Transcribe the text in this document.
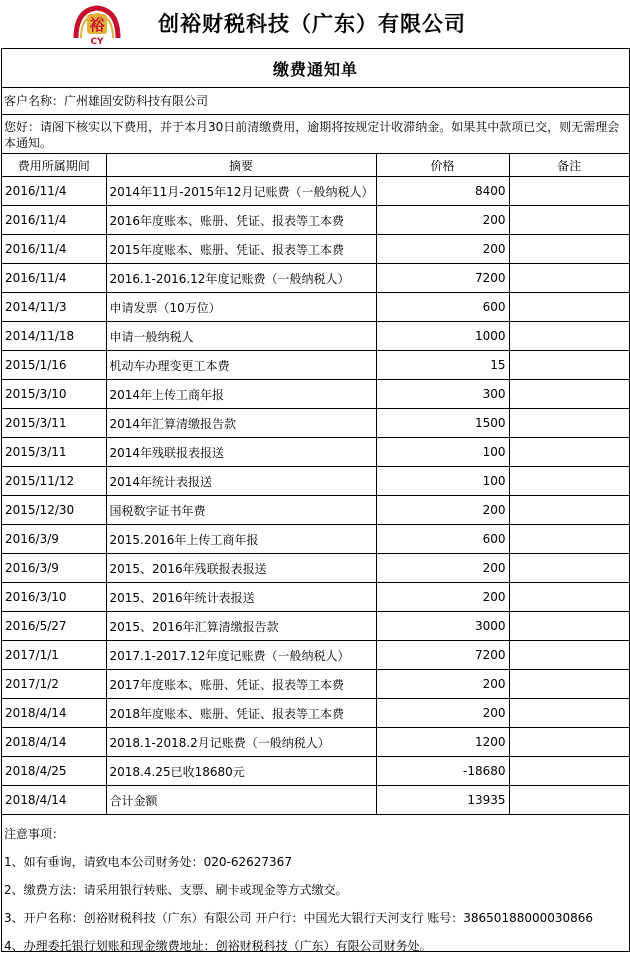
裕
CY
创裕财税科技（广东）有限公司
缴费通知单
客户名称：广州雄固安防科技有限公司
您好：请阁下核实以下费用，并于本月30日前清缴费用，逾期将按规定计收滞纳金。如果其中款项已交，则无需理会本通知。
费用所属期间	摘要	价格	备注
2016/11/4	2014年11月-2015年12月记账费（一般纳税人）	8400	
2016/11/4	2016年度账本、账册、凭证、报表等工本费	200	
2016/11/4	2015年度账本、账册、凭证、报表等工本费	200	
2016/11/4	2016.1-2016.12年度记账费（一般纳税人）	7200	
2014/11/3	申请发票（10万位）	600	
2014/11/18	申请一般纳税人	1000	
2015/1/16	机动车办理变更工本费	15	
2015/3/10	2014年上传工商年报	300	
2015/3/11	2014年汇算清缴报告款	1500	
2015/3/11	2014年残联报表报送	100	
2015/11/12	2014年统计表报送	100	
2015/12/30	国税数字证书年费	200	
2016/3/9	2015.2016年上传工商年报	600	
2016/3/9	2015、2016年残联报表报送	200	
2016/3/10	2015、2016年统计表报送	200	
2016/5/27	2015、2016年汇算清缴报告款	3000	
2017/1/1	2017.1-2017.12年度记账费（一般纳税人）	7200	
2017/1/2	2017年度账本、账册、凭证、报表等工本费	200	
2018/4/14	2018年度账本、账册、凭证、报表等工本费	200	
2018/4/14	2018.1-2018.2月记账费（一般纳税人）	1200	
2018/4/25	2018.4.25已收18680元	-18680	
2018/4/14	合计金额	13935	
注意事项：
1、如有垂询，请致电本公司财务处：020-62627367
2、缴费方法：请采用银行转账、支票、刷卡或现金等方式缴交。
3、开户名称：创裕财税科技（广东）有限公司 开户行：中国光大银行天河支行 账号：38650188000030866
4、办理委托银行划账和现金缴费地址：创裕财税科技（广东）有限公司财务处。
